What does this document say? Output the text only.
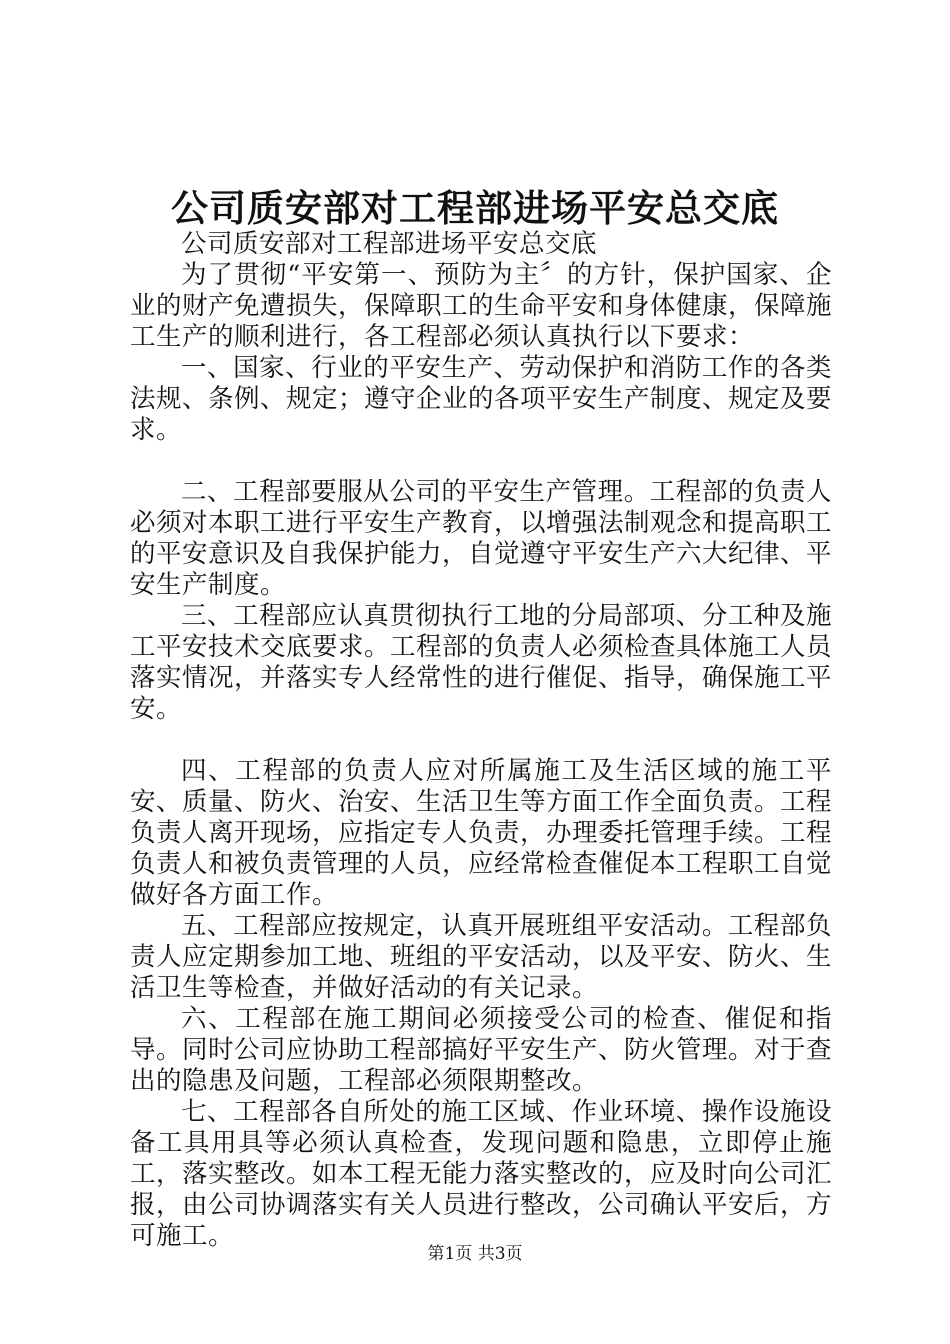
公司质安部对工程部进场平安总交底

公司质安部对工程部进场平安总交底

为了贯彻“平安第一、预防为主〞的方针，保护国家、企业的财产免遭损失，保障职工的生命平安和身体健康，保障施工生产的顺利进行，各工程部必须认真执行以下要求：

一、国家、行业的平安生产、劳动保护和消防工作的各类法规、条例、规定；遵守企业的各项平安生产制度、规定及要求。

二、工程部要服从公司的平安生产管理。工程部的负责人必须对本职工进行平安生产教育，以增强法制观念和提高职工的平安意识及自我保护能力，自觉遵守平安生产六大纪律、平安生产制度。

三、工程部应认真贯彻执行工地的分局部项、分工种及施工平安技术交底要求。工程部的负责人必须检查具体施工人员落实情况，并落实专人经常性的进行催促、指导，确保施工平安。

四、工程部的负责人应对所属施工及生活区域的施工平安、质量、防火、治安、生活卫生等方面工作全面负责。工程负责人离开现场，应指定专人负责，办理委托管理手续。工程负责人和被负责管理的人员，应经常检查催促本工程职工自觉做好各方面工作。

五、工程部应按规定，认真开展班组平安活动。工程部负责人应定期参加工地、班组的平安活动，以及平安、防火、生活卫生等检查，并做好活动的有关记录。

六、工程部在施工期间必须接受公司的检查、催促和指导。同时公司应协助工程部搞好平安生产、防火管理。对于查出的隐患及问题，工程部必须限期整改。

七、工程部各自所处的施工区域、作业环境、操作设施设备工具用具等必须认真检查，发现问题和隐患，立即停止施工，落实整改。如本工程无能力落实整改的，应及时向公司汇报，由公司协调落实有关人员进行整改，公司确认平安后，方可施工。

第1页 共3页
